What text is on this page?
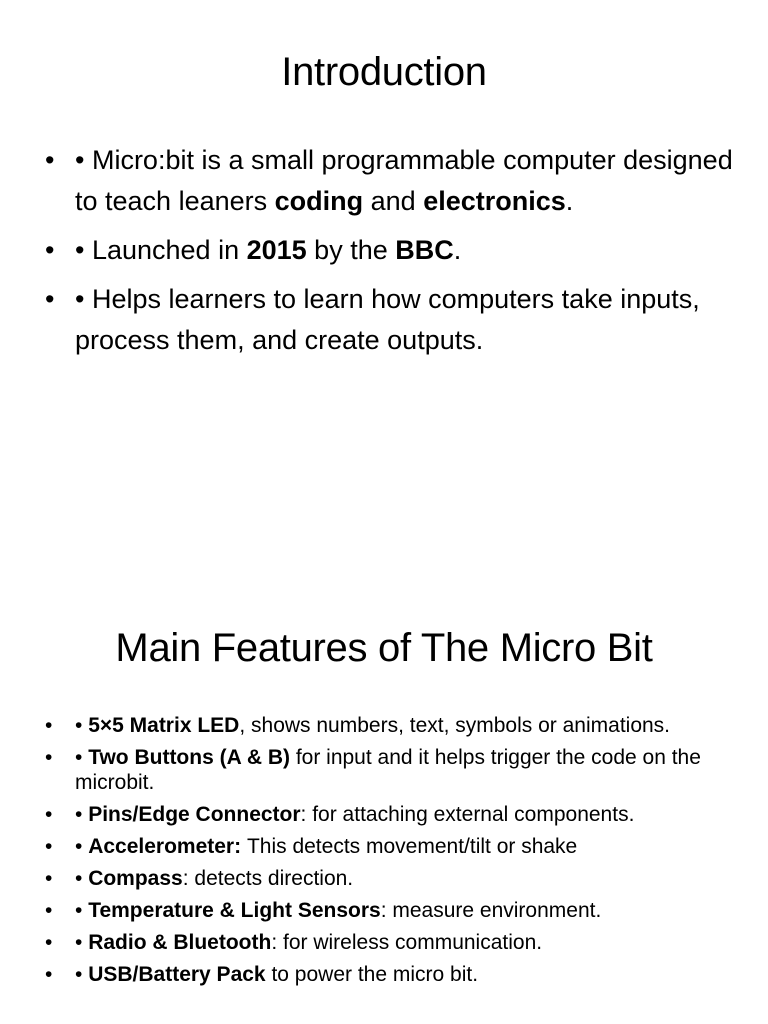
Introduction
• • Micro:bit is a small programmable computer designed to teach leaners coding and electronics.
• • Launched in 2015 by the BBC.
• • Helps learners to learn how computers take inputs, process them, and create outputs.
Main Features of The Micro Bit
• • 5×5 Matrix LED, shows numbers, text, symbols or animations.
• • Two Buttons (A & B) for input and it helps trigger the code on the microbit.
• • Pins/Edge Connector: for attaching external components.
• • Accelerometer: This detects movement/tilt or shake
• • Compass: detects direction.
• • Temperature & Light Sensors: measure environment.
• • Radio & Bluetooth: for wireless communication.
• • USB/Battery Pack to power the micro bit.
